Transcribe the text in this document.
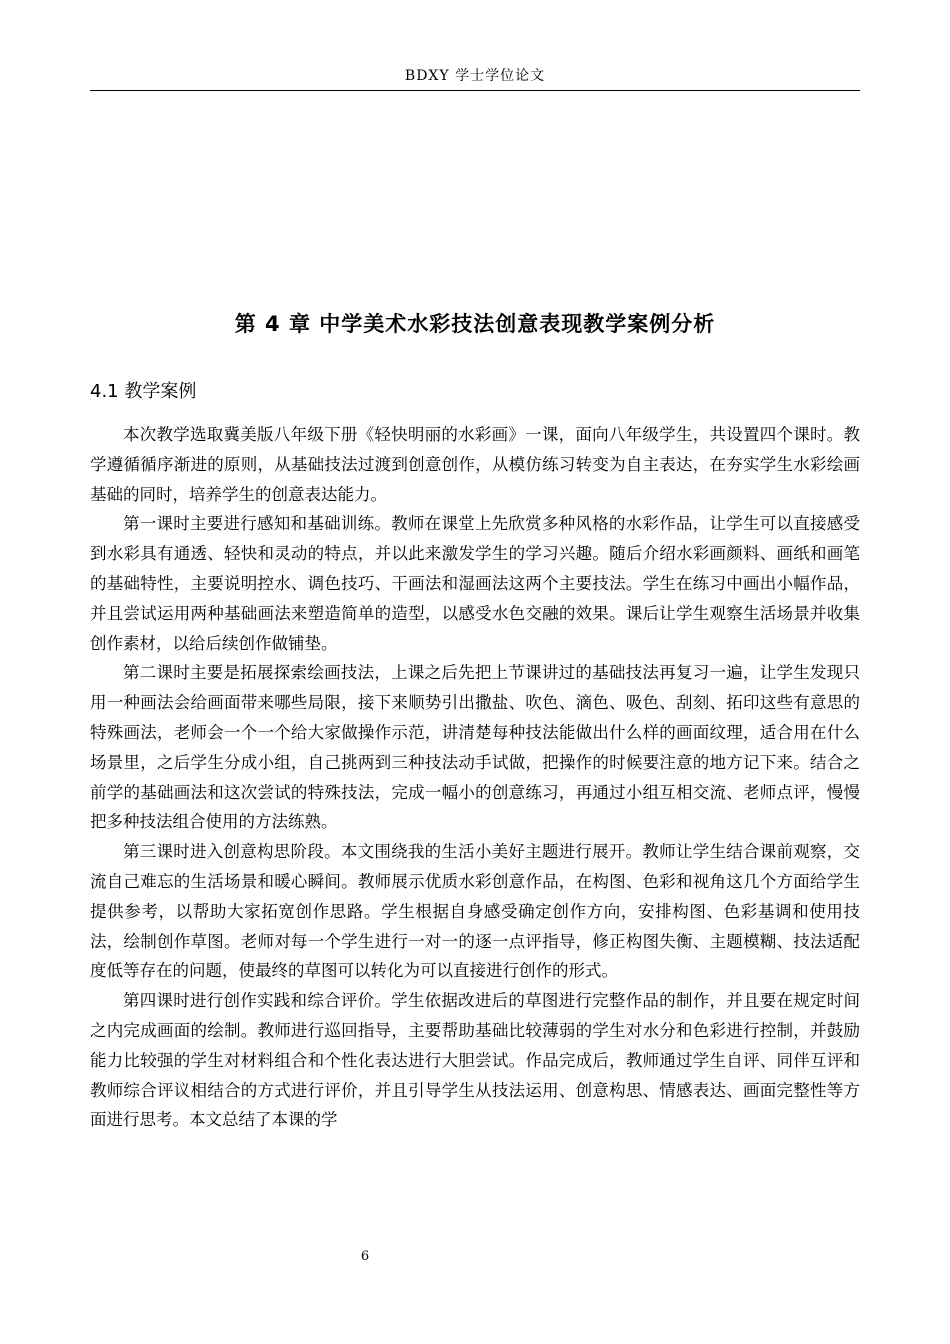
BDXY 学士学位论文
第 4 章 中学美术水彩技法创意表现教学案例分析
4.1 教学案例

本次教学选取冀美版八年级下册《轻快明丽的水彩画》一课，面向八年级学生，共设置四个课时。教学遵循循序渐进的原则，从基础技法过渡到创意创作，从模仿练习转变为自主表达，在夯实学生水彩绘画基础的同时，培养学生的创意表达能力。

第一课时主要进行感知和基础训练。教师在课堂上先欣赏多种风格的水彩作品，让学生可以直接感受到水彩具有通透、轻快和灵动的特点，并以此来激发学生的学习兴趣。随后介绍水彩画颜料、画纸和画笔的基础特性，主要说明控水、调色技巧、干画法和湿画法这两个主要技法。学生在练习中画出小幅作品，并且尝试运用两种基础画法来塑造简单的造型，以感受水色交融的效果。课后让学生观察生活场景并收集创作素材，以给后续创作做铺垫。

第二课时主要是拓展探索绘画技法，上课之后先把上节课讲过的基础技法再复习一遍，让学生发现只用一种画法会给画面带来哪些局限，接下来顺势引出撒盐、吹色、滴色、吸色、刮刻、拓印这些有意思的特殊画法，老师会一个一个给大家做操作示范，讲清楚每种技法能做出什么样的画面纹理，适合用在什么场景里，之后学生分成小组，自己挑两到三种技法动手试做，把操作的时候要注意的地方记下来。结合之前学的基础画法和这次尝试的特殊技法，完成一幅小的创意练习，再通过小组互相交流、老师点评，慢慢把多种技法组合使用的方法练熟。

第三课时进入创意构思阶段。本文围绕我的生活小美好主题进行展开。教师让学生结合课前观察，交流自己难忘的生活场景和暖心瞬间。教师展示优质水彩创意作品，在构图、色彩和视角这几个方面给学生提供参考，以帮助大家拓宽创作思路。学生根据自身感受确定创作方向，安排构图、色彩基调和使用技法，绘制创作草图。老师对每一个学生进行一对一的逐一点评指导，修正构图失衡、主题模糊、技法适配度低等存在的问题，使最终的草图可以转化为可以直接进行创作的形式。

第四课时进行创作实践和综合评价。学生依据改进后的草图进行完整作品的制作，并且要在规定时间之内完成画面的绘制。教师进行巡回指导，主要帮助基础比较薄弱的学生对水分和色彩进行控制，并鼓励能力比较强的学生对材料组合和个性化表达进行大胆尝试。作品完成后，教师通过学生自评、同伴互评和教师综合评议相结合的方式进行评价，并且引导学生从技法运用、创意构思、情感表达、画面完整性等方面进行思考。本文总结了本课的学

6
